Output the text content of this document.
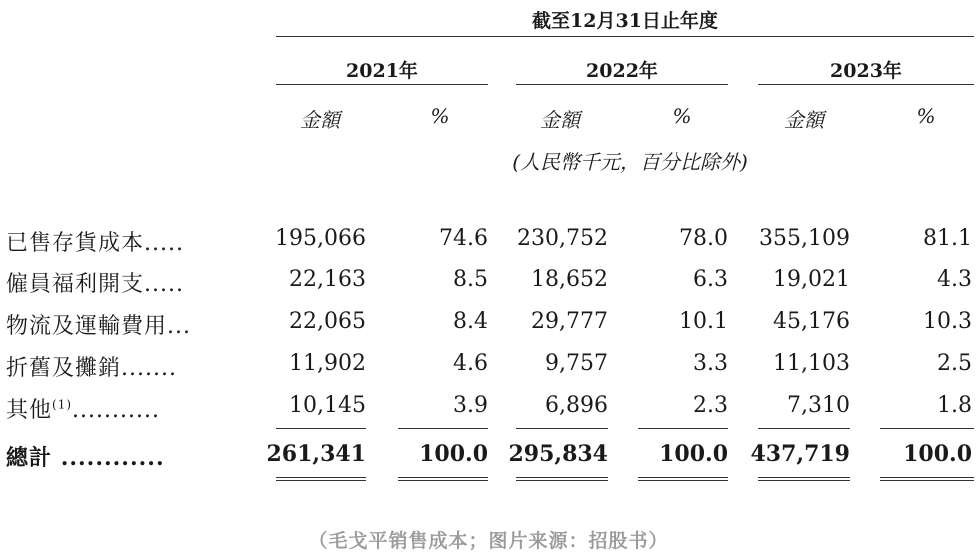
截至12月31日止年度
2021年	2022年	2023年
金額	%	金額	%	金額	%
(人民幣千元，百分比除外)
已售存貨成本.....	195,066	74.6	230,752	78.0	355,109	81.1
僱員福利開支.....	22,163	8.5	18,652	6.3	19,021	4.3
物流及運輸費用...	22,065	8.4	29,777	10.1	45,176	10.3
折舊及攤銷.......	11,902	4.6	9,757	3.3	11,103	2.5
其他$^{(1)}$...........	10,145	3.9	6,896	2.3	7,310	1.8
總計 ............	261,341	100.0 295,834	100.0	437,719	100.0
（毛戈平销售成本；图片来源：招股书）
